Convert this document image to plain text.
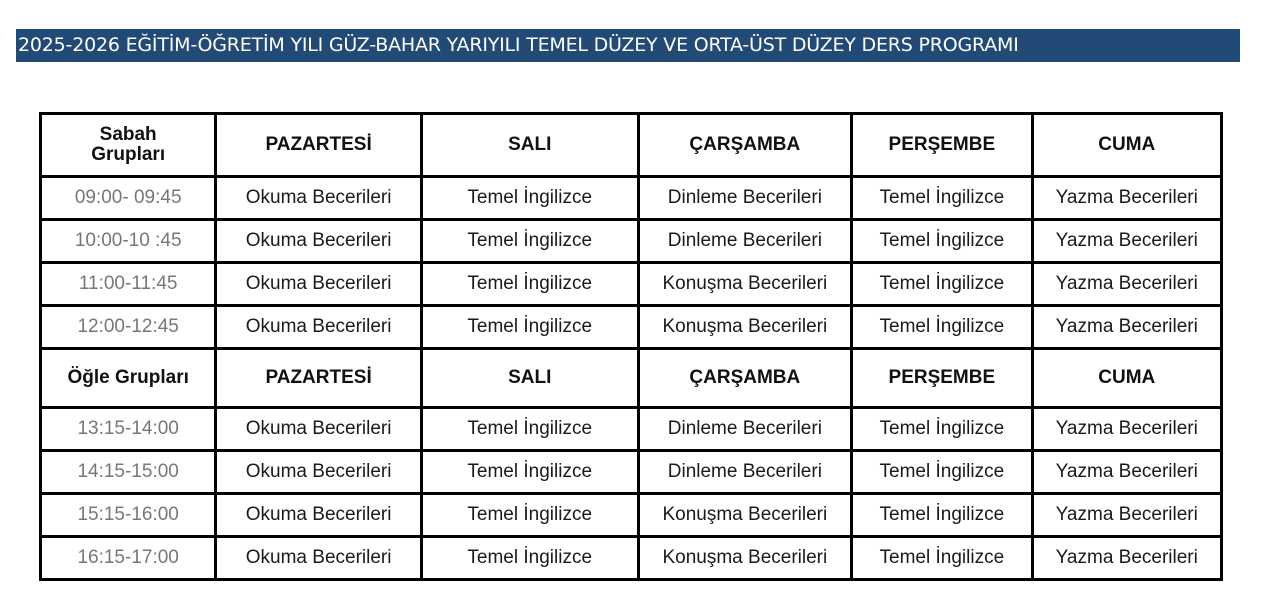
2025-2026 EĞİTİM-ÖĞRETİM YILI GÜZ-BAHAR YARIYILI TEMEL DÜZEY VE ORTA-ÜST DÜZEY DERS PROGRAMI
Sabah
Grupları	PAZARTESİ	SALI	ÇARŞAMBA	PERŞEMBE	CUMA
09:00- 09:45	Okuma Becerileri	Temel İngilizce	Dinleme Becerileri	Temel İngilizce	Yazma Becerileri
10:00-10 :45	Okuma Becerileri	Temel İngilizce	Dinleme Becerileri	Temel İngilizce	Yazma Becerileri
11:00-11:45	Okuma Becerileri	Temel İngilizce	Konuşma Becerileri	Temel İngilizce	Yazma Becerileri
12:00-12:45	Okuma Becerileri	Temel İngilizce	Konuşma Becerileri	Temel İngilizce	Yazma Becerileri
Öğle Grupları	PAZARTESİ	SALI	ÇARŞAMBA	PERŞEMBE	CUMA
13:15-14:00	Okuma Becerileri	Temel İngilizce	Dinleme Becerileri	Temel İngilizce	Yazma Becerileri
14:15-15:00	Okuma Becerileri	Temel İngilizce	Dinleme Becerileri	Temel İngilizce	Yazma Becerileri
15:15-16:00	Okuma Becerileri	Temel İngilizce	Konuşma Becerileri	Temel İngilizce	Yazma Becerileri
16:15-17:00	Okuma Becerileri	Temel İngilizce	Konuşma Becerileri	Temel İngilizce	Yazma Becerileri
